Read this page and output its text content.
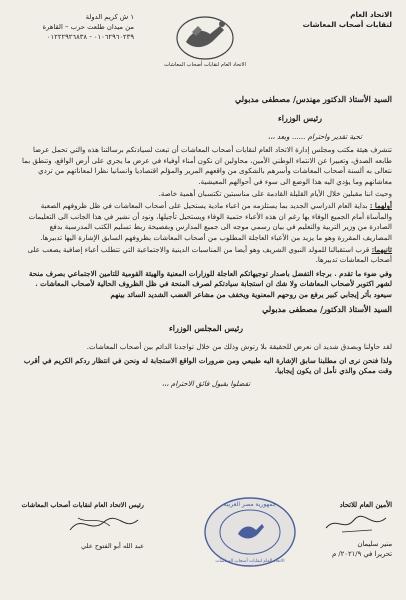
الاتحاد العام
لنقابات أصحاب المعاشات
١ ش كريم الدولة
من ميدان طلعت حرب – القاهرة
٠١٠٦٢٩٦٠٢٣٩ - ٠١٢٢٢٩٢٦٨٣٨
الاتحاد العام لنقابات أصحاب المعاشات

السيد الأستاذ الدكتور مهندس/ مصطفى مدبولي

رئيس الوزراء

تحية تقدير واحترام ...... وبعد ،،،

تتشرف هيئة مكتب ومجلس إدارة الاتحاد العام لنقابات أصحاب المعاشات أن تبعث لسيادتكم برسالتنا هذه والتي تحمل عرضا طابعه الصدق، وتعبيرا عن الانتماء الوطني الأمين، محاولين ان نكون أمناء أوفياء في عرض ما يجري على أرض الواقع، وتنطق بما نتعالى به ألسنة أصحاب المعاشات وأسرهم بالشكوى من واقعهم المرير والمؤلم اقتصاديا وانسانيا نظرا لمعاناتهم من تردي معاشاتهم وما يؤدي اليه هذا الوضع الى سوء في أحوالهم المعيشية.

وحيث اننا مقبلين خلال الأيام القليلة القادمة على مناسبتين تكتسبان أهمية خاصة.

أولهما : بداية العام الدراسي الجديد بما يستلزمه من اعباء مادية يستحيل على أصحاب المعاشات في ظل ظروفهم الصعبة والمأساة أمام الجميع الوفاء بها رغم ان هذه الأعباء حتمية الوفاء ويستحيل تأجيلها، ونود أن نشير في هذا الجانب الى التعليمات الصادرة من وزير التربية والتعليم في بيان رسمي موجه الى جميع المدارس وبفصيحة ربط تسليم الكتب المدرسية بدفع المصاريف المقررة وهو ما يزيد من الأعباء العاجلة المطلوب من أصحاب المعاشات بظروفهم السابق الإشارة اليها تدبيرها.

ثانيهما: قرب استقبالنا للمولد النبوي الشريف وهو أيضا من المناسبات الدينية والاجتماعية التي تتطلب أعباء إضافية يصعب على أصحاب المعاشات تدبيرها.

وفي ضوء ما تقدم . برجاء التفضل باصدار توجيهاتكم العاجلة للوزارات المعنية والهيئة القومية للتامين الاجتماعي بصرف منحة لشهر اكتوبر لأصحاب المعاشات ولا شك ان استجابة سيادتكم لصرف المنحة في ظل الظروف الحالية لأصحاب المعاشات . سيعود بأثر إيجابي كبير يرفع من روحهم المعنوية ويخفف من مشاعر الغضب الشديد السائد بينهم

السيد الأستاذ الدكتور/ مصطفى مدبولي

رئيس المجلس الوزراء

لقد حاولنا وبصدق شديد ان نعرض للحقيقة بلا رتوش وذلك من خلال تواجدنا الدائم بين أصحاب المعاشات.

ولذا فنحن نرى ان مطلبنا سابق الإشارة اليه طبيعي ومن ضرورات الواقع الاستجابة له ونحن في انتظار ردكم الكريم في أقرب وقت ممكن والذي نأمل ان يكون إيجابيا.

تفضلوا بقبول فائق الاحترام ،،،

الأمين العام للاتحاد
منير سليمان
تحريرا في ٢٠٢١/٩/ م
رئيس الاتحاد العام لنقابات أصحاب المعاشات
عبد الله أبو الفتوح علي
جمهورية مصر العربية
الاتحاد العام لنقابات أصحاب المعاشات
